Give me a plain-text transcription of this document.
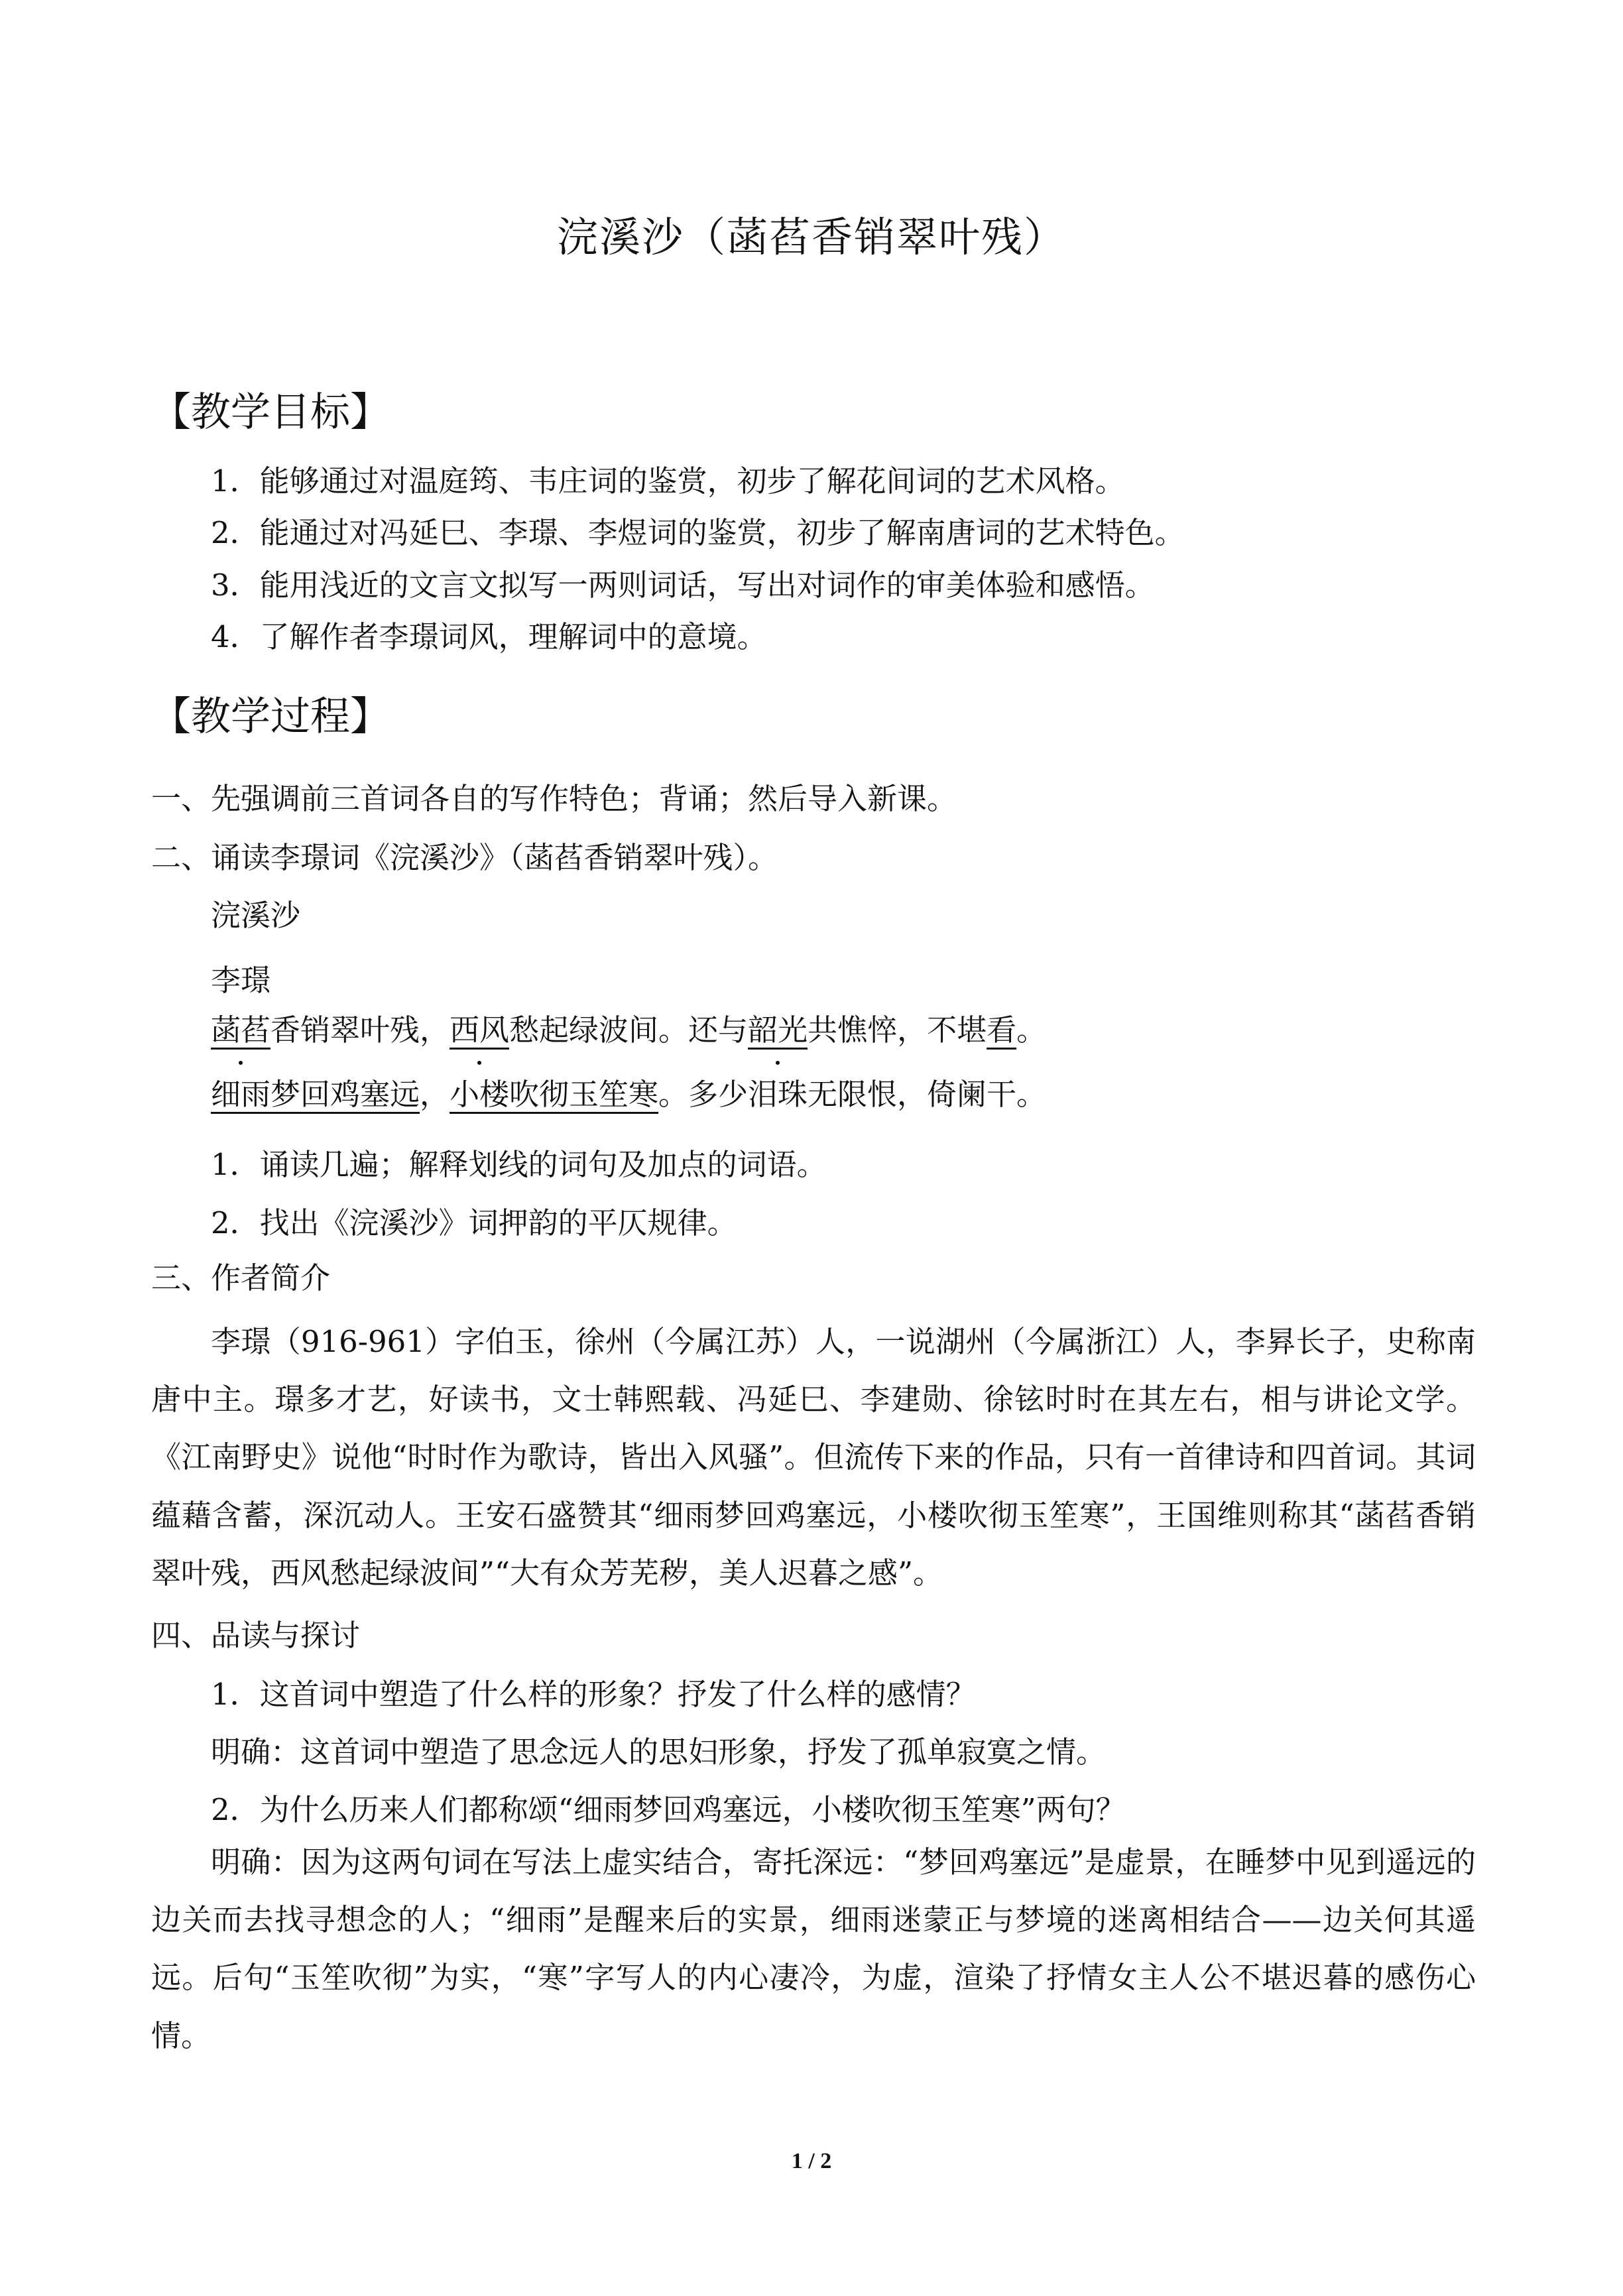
浣溪沙（菡萏香销翠叶残）
【教学目标】
1．能够通过对温庭筠、韦庄词的鉴赏，初步了解花间词的艺术风格。
2．能通过对冯延巳、李璟、李煜词的鉴赏，初步了解南唐词的艺术特色。
3．能用浅近的文言文拟写一两则词话，写出对词作的审美体验和感悟。
4．了解作者李璟词风，理解词中的意境。
【教学过程】
一、先强调前三首词各自的写作特色；背诵；然后导入新课。
二、诵读李璟词《浣溪沙》（菡萏香销翠叶残）。
浣溪沙
李璟
菡萏香销翠叶残，西风愁起绿波间。还与韶光共憔悴，不堪看。
细雨梦回鸡塞远，小楼吹彻玉笙寒。多少泪珠无限恨，倚阑干。
1．诵读几遍；解释划线的词句及加点的词语。
2．找出《浣溪沙》词押韵的平仄规律。
三、作者简介

李璟（916-961）字伯玉，徐州（今属江苏）人，一说湖州（今属浙江）人，李昪长子，史称南唐中主。璟多才艺，好读书，文士韩熙载、冯延巳、李建勋、徐铉时时在其左右，相与讲论文学。《江南野史》说他“时时作为歌诗，皆出入风骚”。但流传下来的作品，只有一首律诗和四首词。其词蕴藉含蓄，深沉动人。王安石盛赞其“细雨梦回鸡塞远，小楼吹彻玉笙寒”，王国维则称其“菡萏香销翠叶残，西风愁起绿波间”“大有众芳芜秽，美人迟暮之感”。

四、品读与探讨
1．这首词中塑造了什么样的形象？抒发了什么样的感情？
明确：这首词中塑造了思念远人的思妇形象，抒发了孤单寂寞之情。
2．为什么历来人们都称颂“细雨梦回鸡塞远，小楼吹彻玉笙寒”两句？

明确：因为这两句词在写法上虚实结合，寄托深远：“梦回鸡塞远”是虚景，在睡梦中见到遥远的边关而去找寻想念的人；“细雨”是醒来后的实景，细雨迷蒙正与梦境的迷离相结合——边关何其遥远。后句“玉笙吹彻”为实，“寒”字写人的内心凄冷，为虚，渲染了抒情女主人公不堪迟暮的感伤心情。

1 / 2
